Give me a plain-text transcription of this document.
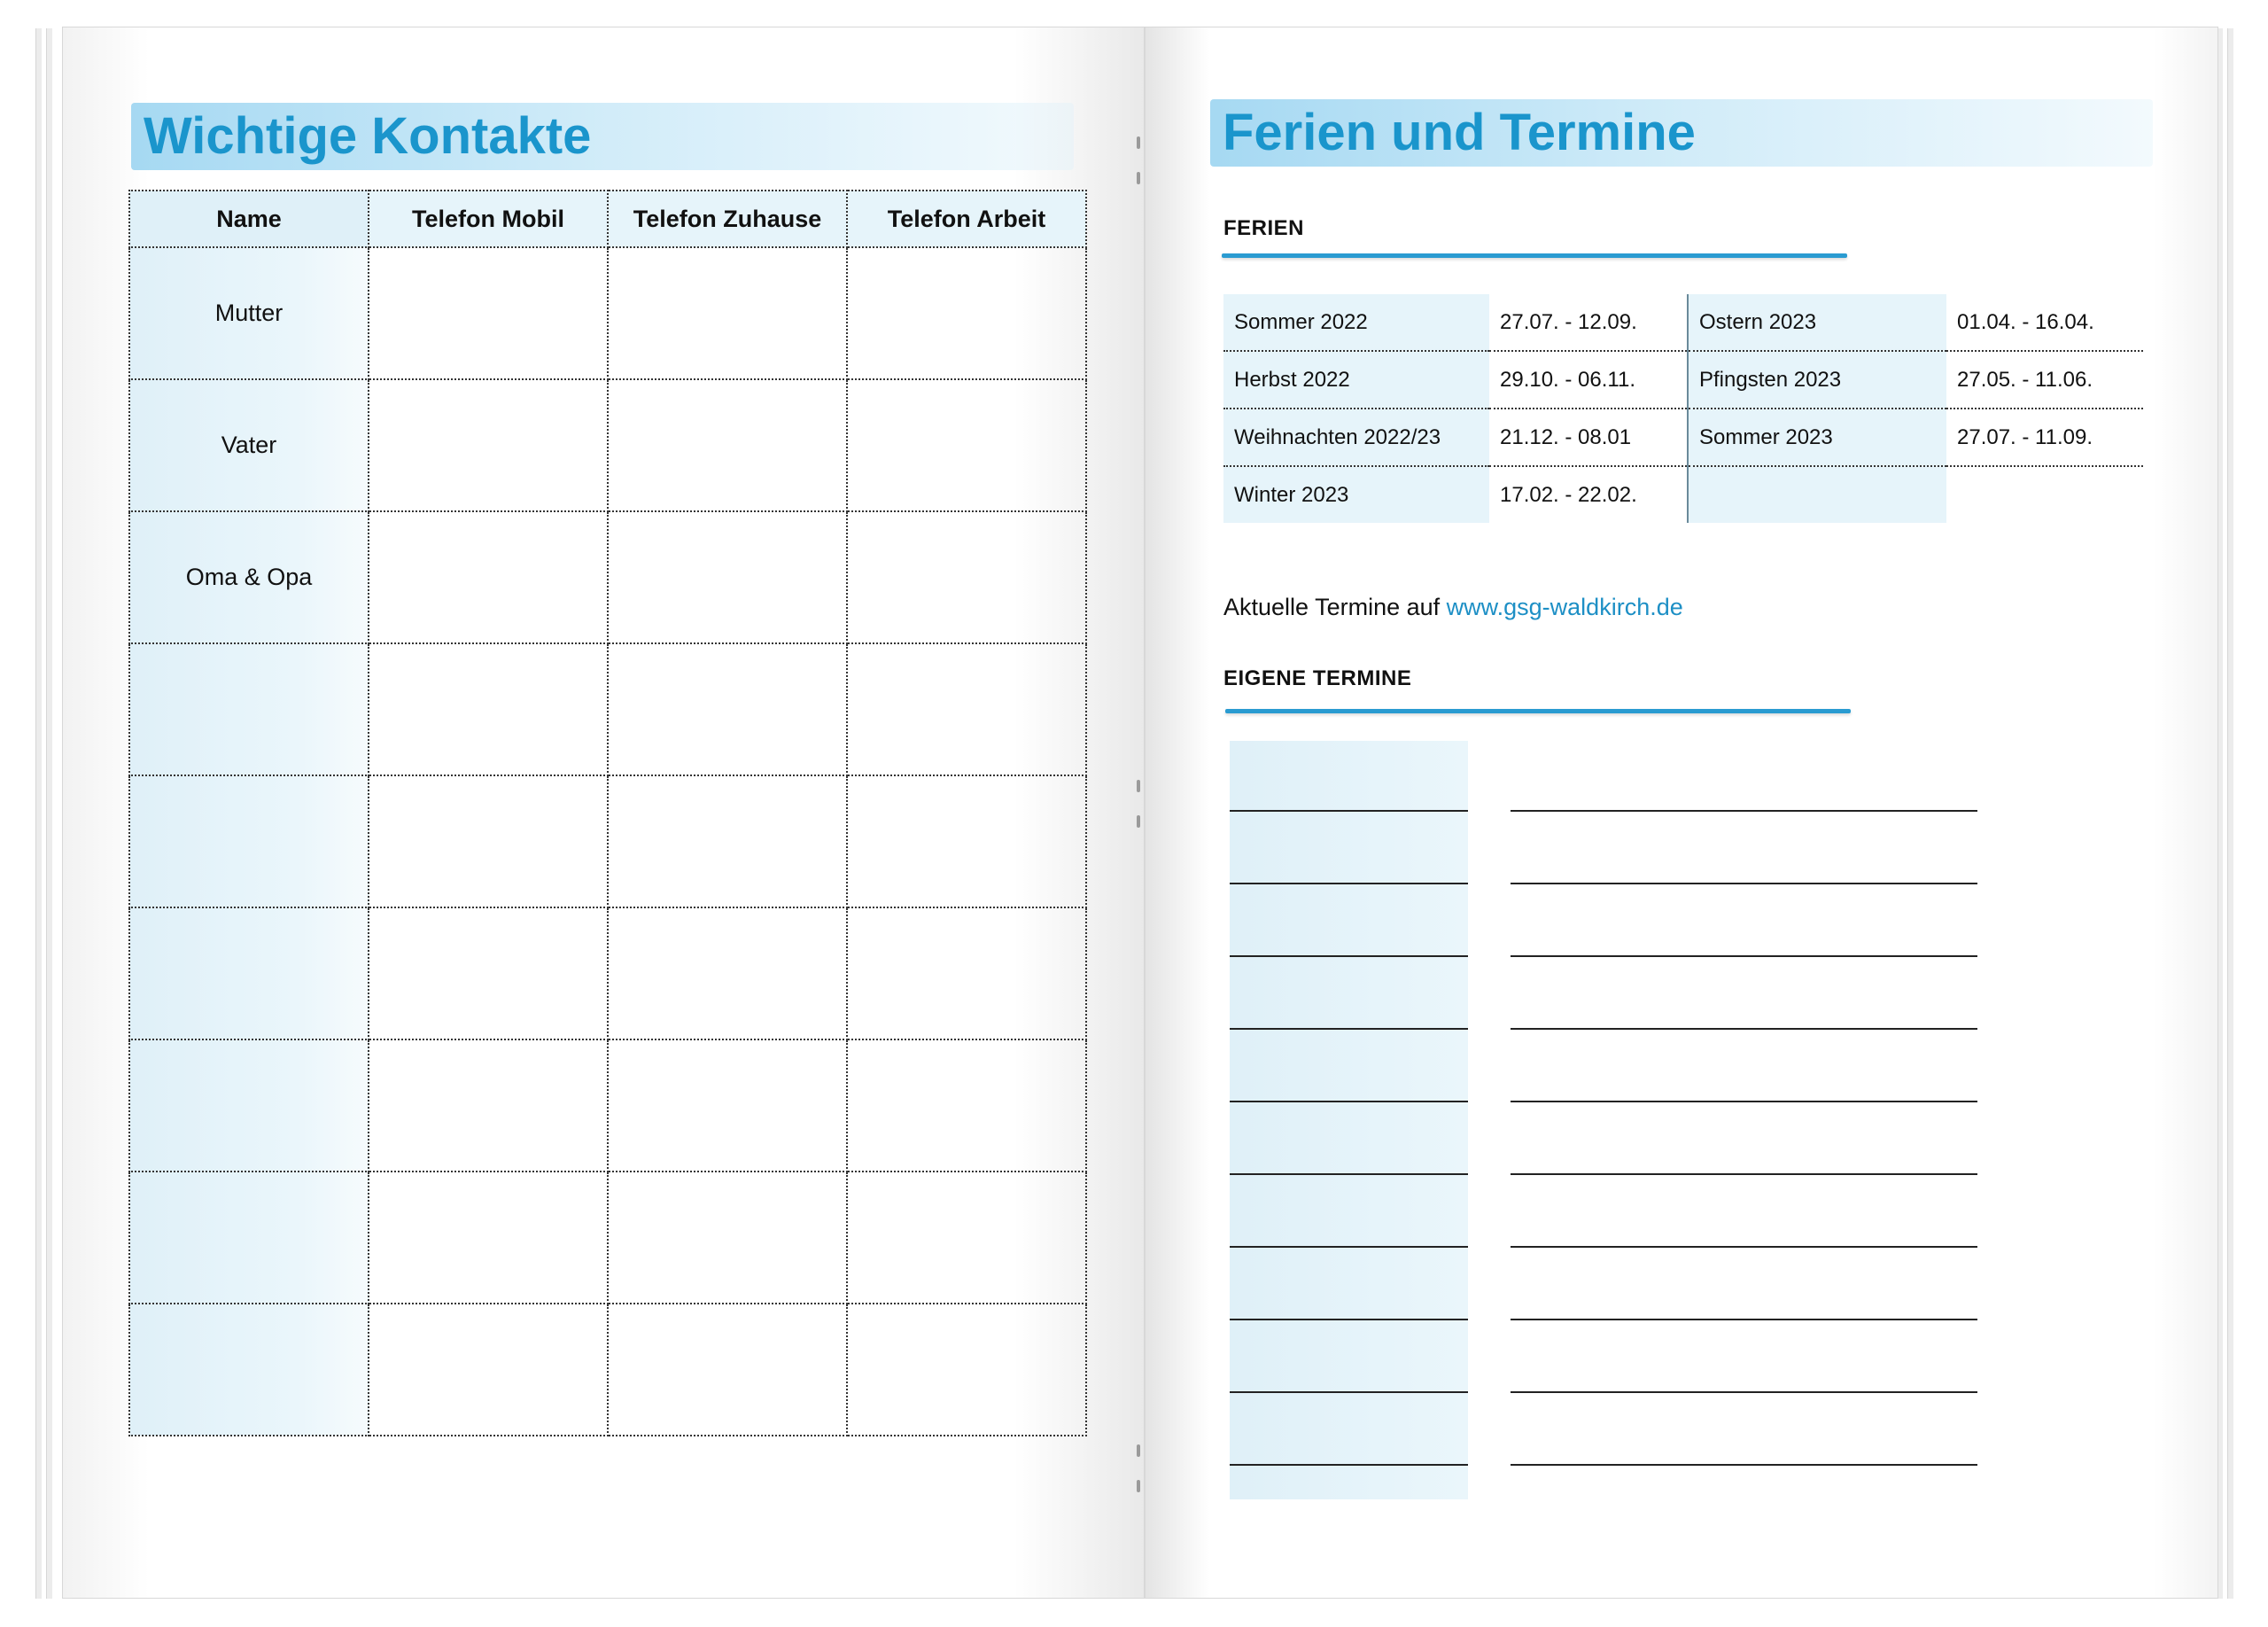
Wichtige Kontakte
Name	Telefon Mobil	Telefon Zuhause	Telefon Arbeit
Mutter			
Vater			
Oma & Opa			

Ferien und Termine
FERIEN
Sommer 2022	27.07. - 12.09.	Ostern 2023	01.04. - 16.04.
Herbst 2022	29.10. - 06.11.	Pfingsten 2023	27.05. - 11.06.
Weihnachten 2022/23	21.12. - 08.01	Sommer 2023	27.07. - 11.09.
Winter 2023	17.02. - 22.02.		
Aktuelle Termine auf www.gsg-waldkirch.de
EIGENE TERMINE
